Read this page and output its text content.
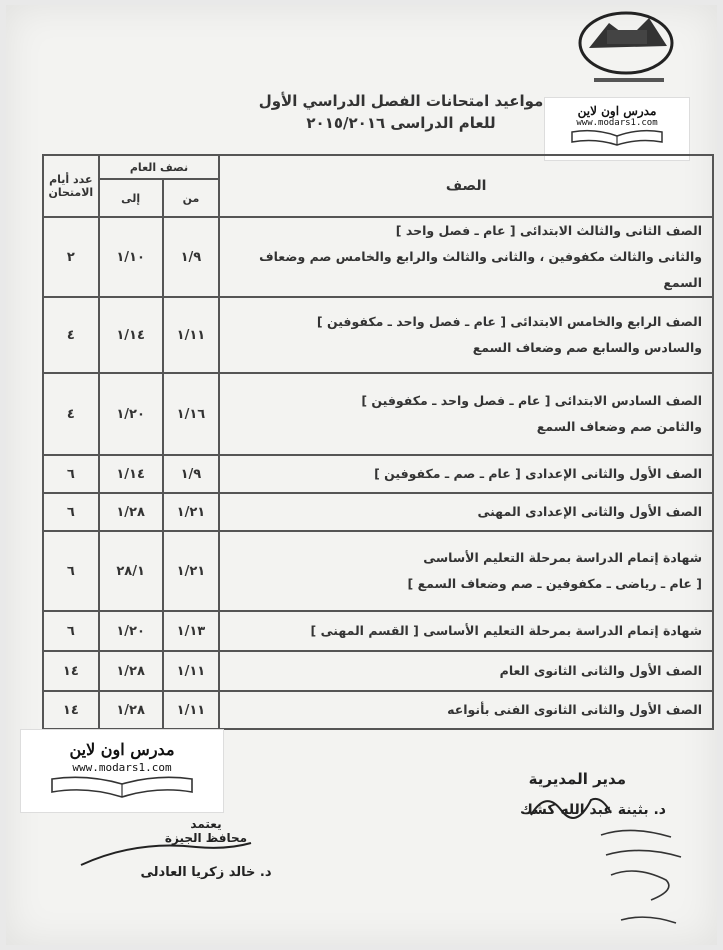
مواعيد امتحانات الفصل الدراسي الأول
للعام الدراسى ٢٠١٥/٢٠١٦
مدرس اون لاين
www.modars1.com
الصف	نصف العام		عدد أيام الامتحان
	من	إلى	

الصف الثانى والثالث الابتدائى [ عام ـ فصل واحد ]
والثانى والثالث مكفوفين ، والثانى والثالث والرابع والخامس صم وضعاف السمع	١/٩	١/١٠	٢

الصف الرابع والخامس الابتدائى [ عام ـ فصل واحد ـ مكفوفين ]
والسادس والسابع صم وضعاف السمع	١/١١	١/١٤	٤

الصف السادس الابتدائى [ عام ـ فصل واحد ـ مكفوفين ]
والثامن صم وضعاف السمع	١/١٦	١/٢٠	٤

الصف الأول والثانى الإعدادى [ عام ـ صم ـ مكفوفين ]	١/٩	١/١٤	٦

الصف الأول والثانى الإعدادى المهنى	١/٢١	١/٢٨	٦

شهادة إتمام الدراسة بمرحلة التعليم الأساسى
[ عام ـ رياضى ـ مكفوفين ـ صم وضعاف السمع ]	١/٢١	٢٨/١	٦

شهادة إتمام الدراسة بمرحلة التعليم الأساسى [ القسم المهنى ]	١/١٣	١/٢٠	٦

الصف الأول والثانى الثانوى العام	١/١١	١/٢٨	١٤

الصف الأول والثانى الثانوى الفنى بأنواعه	١/١١	١/٢٨	١٤
مدرس اون لاين
www.modars1.com
مدير المديرية
د. بثينة عبد الله كشك
يعتمد
محافظ الجيزة
د. خالد زكريا العادلى
